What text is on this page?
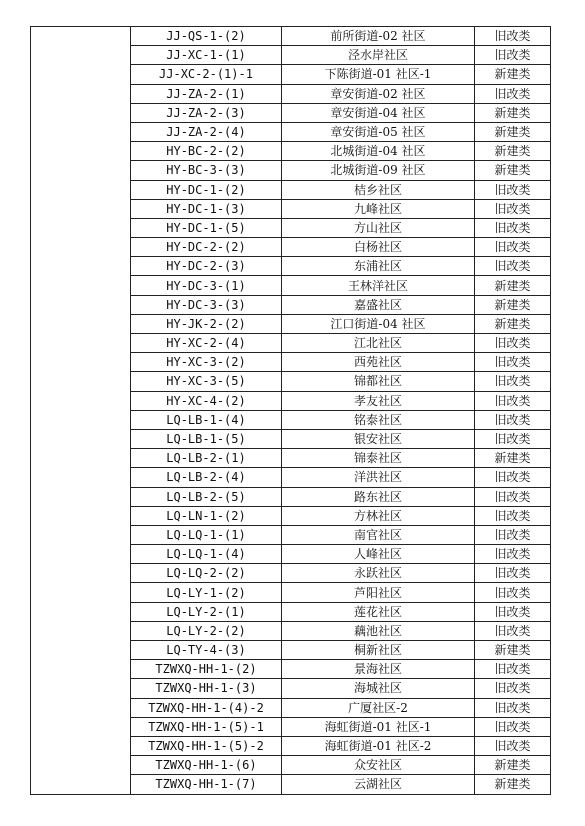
	JJ-QS-1-(2)	前所街道-02 社区	旧改类
	JJ-XC-1-(1)	泾水岸社区	旧改类
	JJ-XC-2-(1)-1	下陈街道-01 社区-1	新建类
	JJ-ZA-2-(1)	章安街道-02 社区	旧改类
	JJ-ZA-2-(3)	章安街道-04 社区	新建类
	JJ-ZA-2-(4)	章安街道-05 社区	新建类
	HY-BC-2-(2)	北城街道-04 社区	新建类
	HY-BC-3-(3)	北城街道-09 社区	新建类
	HY-DC-1-(2)	桔乡社区	旧改类
	HY-DC-1-(3)	九峰社区	旧改类
	HY-DC-1-(5)	方山社区	旧改类
	HY-DC-2-(2)	白杨社区	旧改类
	HY-DC-2-(3)	东浦社区	旧改类
	HY-DC-3-(1)	王林洋社区	新建类
	HY-DC-3-(3)	嘉盛社区	新建类
	HY-JK-2-(2)	江口街道-04 社区	新建类
	HY-XC-2-(4)	江北社区	旧改类
	HY-XC-3-(2)	西苑社区	旧改类
	HY-XC-3-(5)	锦都社区	旧改类
	HY-XC-4-(2)	孝友社区	旧改类
	LQ-LB-1-(4)	铭泰社区	旧改类
	LQ-LB-1-(5)	银安社区	旧改类
	LQ-LB-2-(1)	锦泰社区	新建类
	LQ-LB-2-(4)	洋洪社区	旧改类
	LQ-LB-2-(5)	路东社区	旧改类
	LQ-LN-1-(2)	方林社区	旧改类
	LQ-LQ-1-(1)	南官社区	旧改类
	LQ-LQ-1-(4)	人峰社区	旧改类
	LQ-LQ-2-(2)	永跃社区	旧改类
	LQ-LY-1-(2)	芦阳社区	旧改类
	LQ-LY-2-(1)	莲花社区	旧改类
	LQ-LY-2-(2)	藕池社区	旧改类
	LQ-TY-4-(3)	桐新社区	新建类
	TZWXQ-HH-1-(2)	景海社区	旧改类
	TZWXQ-HH-1-(3)	海城社区	旧改类
	TZWXQ-HH-1-(4)-2	广厦社区-2	旧改类
	TZWXQ-HH-1-(5)-1	海虹街道-01 社区-1	旧改类
	TZWXQ-HH-1-(5)-2	海虹街道-01 社区-2	旧改类
	TZWXQ-HH-1-(6)	众安社区	新建类
	TZWXQ-HH-1-(7)	云湖社区	新建类
